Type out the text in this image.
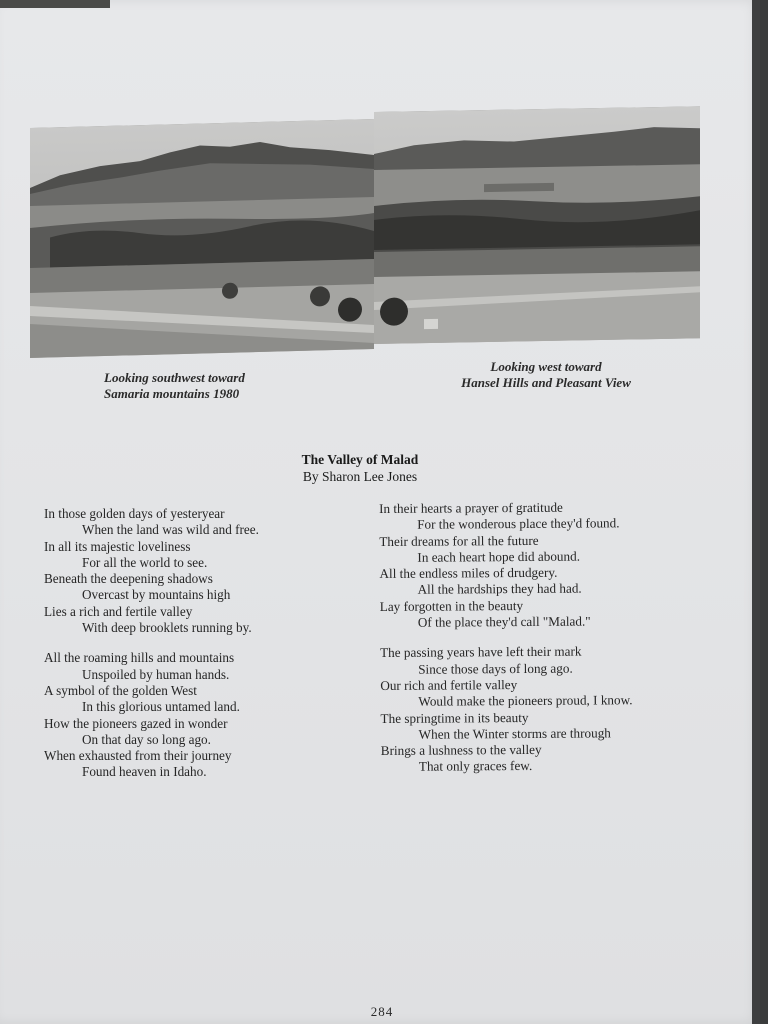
Looking southwest toward
Samaria mountains 1980
Looking west toward
Hansel Hills and Pleasant View
The Valley of Malad
By Sharon Lee Jones
In those golden days of yesteryear
When the land was wild and free.
In all its majestic loveliness
For all the world to see.
Beneath the deepening shadows
Overcast by mountains high
Lies a rich and fertile valley
With deep brooklets running by.
All the roaming hills and mountains
Unspoiled by human hands.
A symbol of the golden West
In this glorious untamed land.
How the pioneers gazed in wonder
On that day so long ago.
When exhausted from their journey
Found heaven in Idaho.
In their hearts a prayer of gratitude
For the wonderous place they'd found.
Their dreams for all the future
In each heart hope did abound.
All the endless miles of drudgery.
All the hardships they had had.
Lay forgotten in the beauty
Of the place they'd call "Malad."
The passing years have left their mark
Since those days of long ago.
Our rich and fertile valley
Would make the pioneers proud, I know.
The springtime in its beauty
When the Winter storms are through
Brings a lushness to the valley
That only graces few.
284
